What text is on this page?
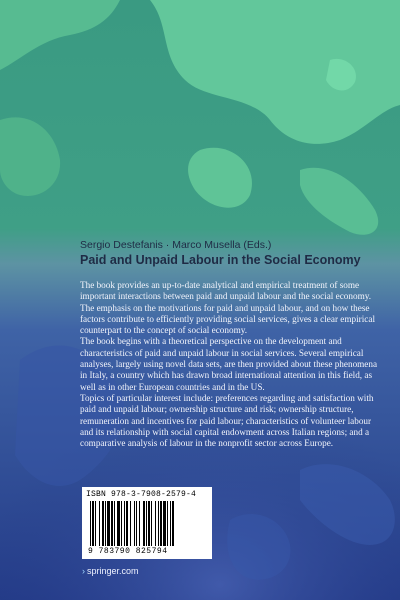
Sergio Destefanis · Marco Musella (Eds.)
Paid and Unpaid Labour in the Social Economy

The book provides an up-to-date analytical and empirical treatment of some important interactions between paid and unpaid labour and the social economy. The emphasis on the motivations for paid and unpaid labour, and on how these factors contribute to efficiently providing social services, gives a clear empirical counterpart to the concept of social economy.

The book begins with a theoretical perspective on the development and characteristics of paid and unpaid labour in social services. Several empirical analyses, largely using novel data sets, are then provided about these phenomena in Italy, a country which has drawn broad international attention in this field, as well as in other European countries and in the US.

Topics of particular interest include: preferences regarding and satisfaction with paid and unpaid labour; ownership structure and risk; ownership structure, remuneration and incentives for paid labour; characteristics of volunteer labour and its relationship with social capital endowment across Italian regions; and a comparative analysis of labour in the nonprofit sector across Europe.

ISBN 978-3-7908-2579-4
9 783790 825794
› springer.com
